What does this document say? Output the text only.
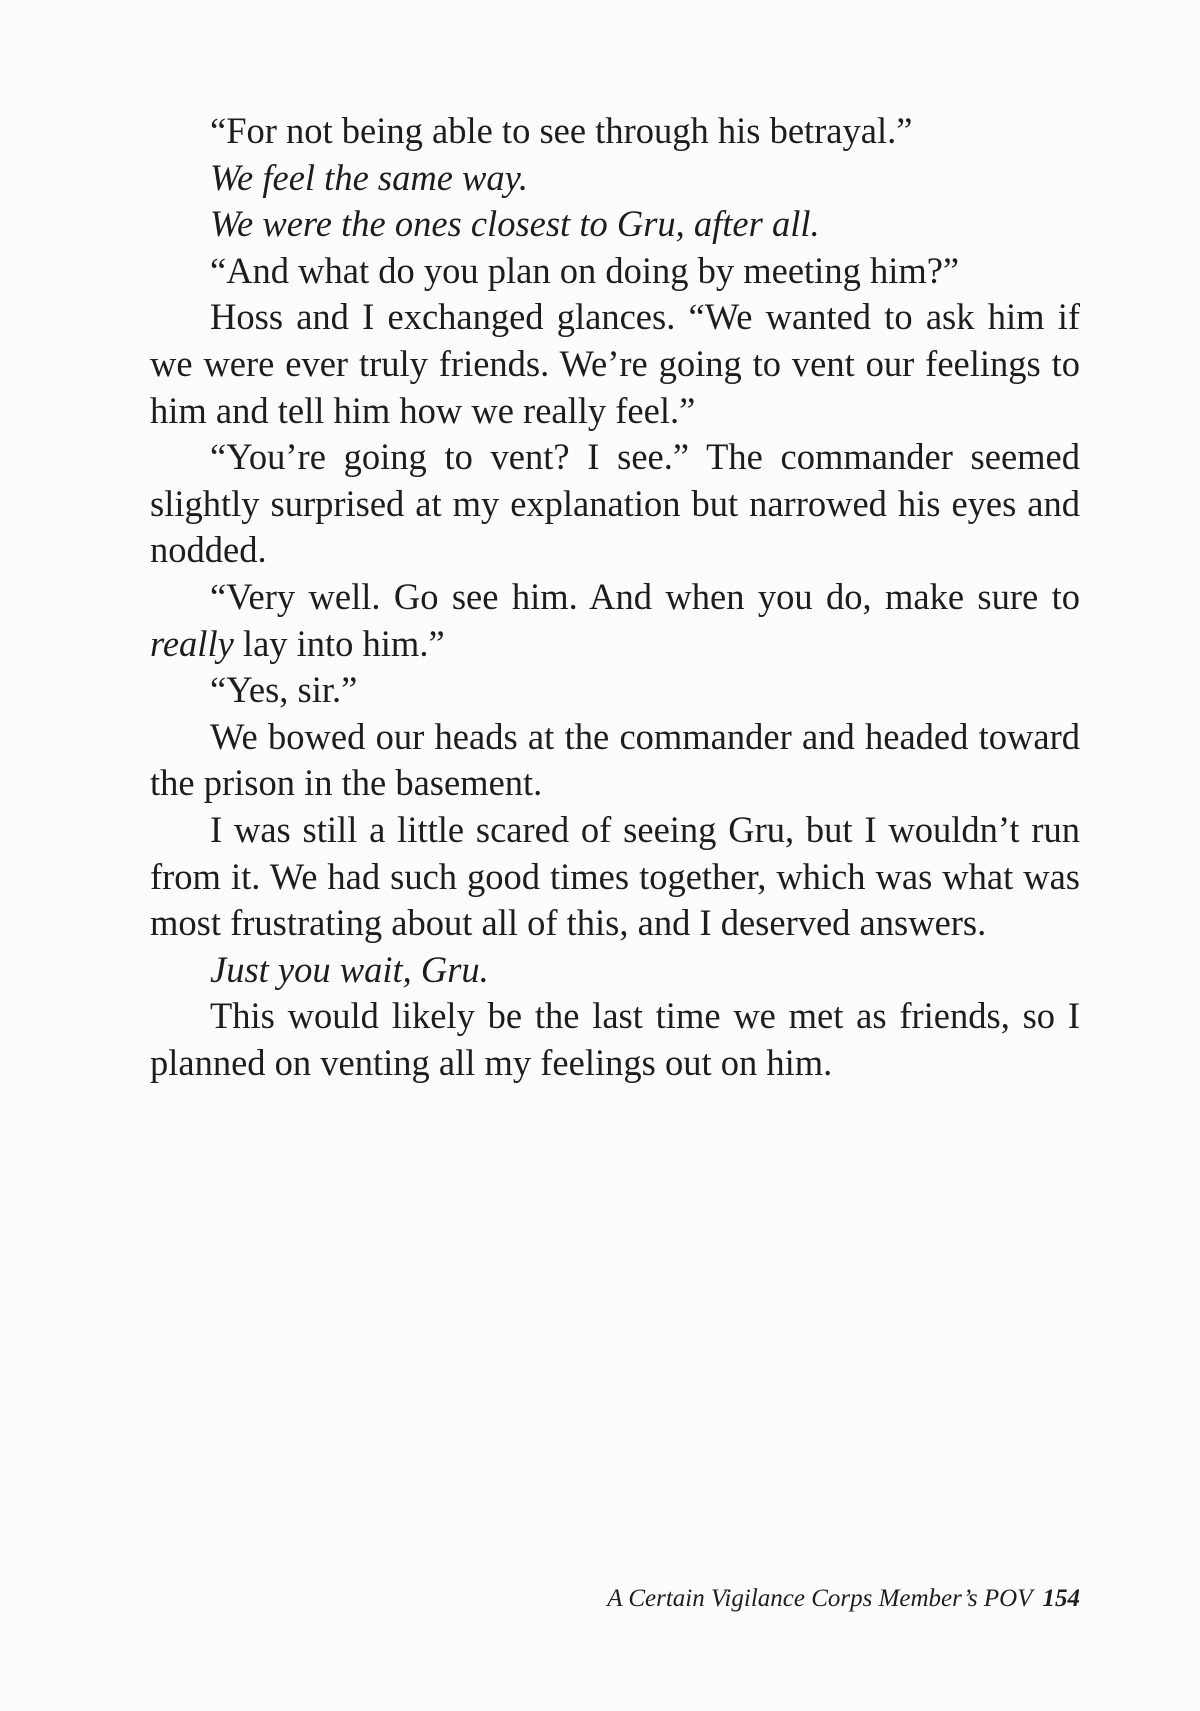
“For not being able to see through his betrayal.”

We feel the same way.

We were the ones closest to Gru, after all.

“And what do you plan on doing by meeting him?”

Hoss and I exchanged glances. “We wanted to ask him if we were ever truly friends. We’re going to vent our feelings to him and tell him how we really feel.”

“You’re going to vent? I see.” The commander seemed slightly surprised at my explanation but narrowed his eyes and nodded.

“Very well. Go see him. And when you do, make sure to really lay into him.”

“Yes, sir.”

We bowed our heads at the commander and headed toward the prison in the basement.

I was still a little scared of seeing Gru, but I wouldn’t run from it. We had such good times together, which was what was most frustrating about all of this, and I deserved answers.

Just you wait, Gru.

This would likely be the last time we met as friends, so I planned on venting all my feelings out on him.

A Certain Vigilance Corps Member’s POV 154
